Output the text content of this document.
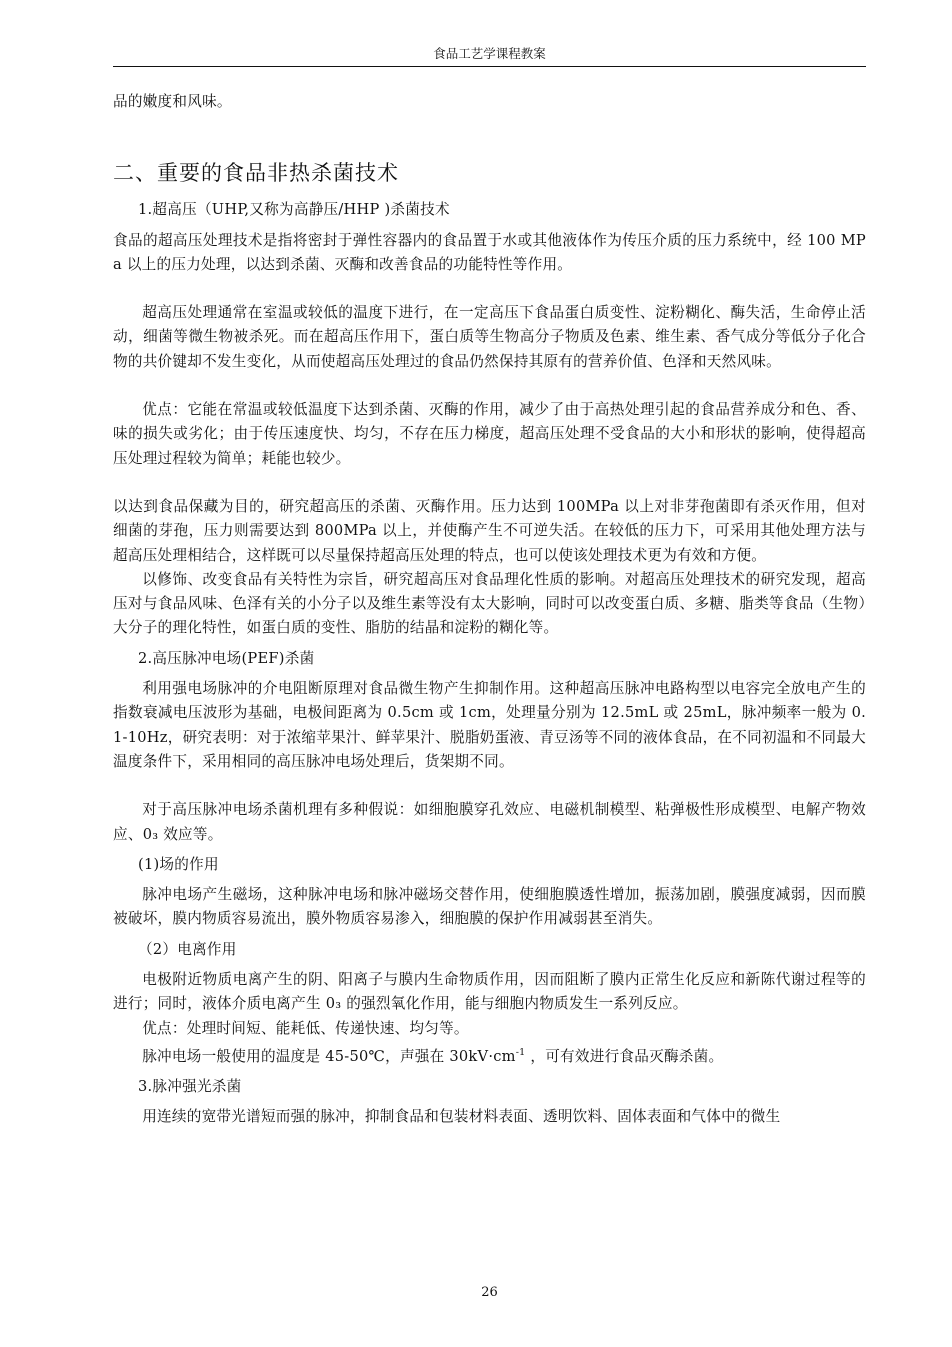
食品工艺学课程教案

品的嫩度和风味。

二、重要的食品非热杀菌技术

1.超高压（UHP,又称为高静压/HHP )杀菌技术

食品的超高压处理技术是指将密封于弹性容器内的食品置于水或其他液体作为传压介质的压力系统中，经 100 MPa 以上的压力处理，以达到杀菌、灭酶和改善食品的功能特性等作用。

超高压处理通常在室温或较低的温度下进行，在一定高压下食品蛋白质变性、淀粉糊化、酶失活，生命停止活动，细菌等微生物被杀死。而在超高压作用下，蛋白质等生物高分子物质及色素、维生素、香气成分等低分子化合物的共价键却不发生变化，从而使超高压处理过的食品仍然保持其原有的营养价值、色泽和天然风味。

优点：它能在常温或较低温度下达到杀菌、灭酶的作用，减少了由于高热处理引起的食品营养成分和色、香、味的损失或劣化；由于传压速度快、均匀，不存在压力梯度，超高压处理不受食品的大小和形状的影响，使得超高压处理过程较为简单；耗能也较少。

以达到食品保藏为目的，研究超高压的杀菌、灭酶作用。压力达到 100MPa 以上对非芽孢菌即有杀灭作用，但对细菌的芽孢，压力则需要达到 800MPa 以上，并使酶产生不可逆失活。在较低的压力下，可采用其他处理方法与超高压处理相结合，这样既可以尽量保持超高压处理的特点，也可以使该处理技术更为有效和方便。

以修饰、改变食品有关特性为宗旨，研究超高压对食品理化性质的影响。对超高压处理技术的研究发现，超高压对与食品风味、色泽有关的小分子以及维生素等没有太大影响，同时可以改变蛋白质、多糖、脂类等食品（生物）大分子的理化特性，如蛋白质的变性、脂肪的结晶和淀粉的糊化等。

2.高压脉冲电场(PEF)杀菌

利用强电场脉冲的介电阻断原理对食品微生物产生抑制作用。这种超高压脉冲电路构型以电容完全放电产生的指数衰减电压波形为基础，电极间距离为 0.5cm 或 1cm，处理量分别为 12.5mL 或 25mL，脉冲频率一般为 0.1-10Hz，研究表明：对于浓缩苹果汁、鲜苹果汁、脱脂奶蛋液、青豆汤等不同的液体食品，在不同初温和不同最大温度条件下，采用相同的高压脉冲电场处理后，货架期不同。

对于高压脉冲电场杀菌机理有多种假说：如细胞膜穿孔效应、电磁机制模型、粘弹极性形成模型、电解产物效应、0₃ 效应等。

(1)场的作用

脉冲电场产生磁场，这种脉冲电场和脉冲磁场交替作用，使细胞膜透性增加，振荡加剧，膜强度减弱，因而膜被破坏，膜内物质容易流出，膜外物质容易渗入，细胞膜的保护作用减弱甚至消失。

（2）电离作用

电极附近物质电离产生的阴、阳离子与膜内生命物质作用，因而阻断了膜内正常生化反应和新陈代谢过程等的进行；同时，液体介质电离产生 0₃ 的强烈氧化作用，能与细胞内物质发生一系列反应。

优点：处理时间短、能耗低、传递快速、均匀等。

脉冲电场一般使用的温度是 45-50℃，声强在 $30kV\cdot cm^{-1}$ ，可有效进行食品灭酶杀菌。

3.脉冲强光杀菌

用连续的宽带光谱短而强的脉冲，抑制食品和包装材料表面、透明饮料、固体表面和气体中的微生

26
